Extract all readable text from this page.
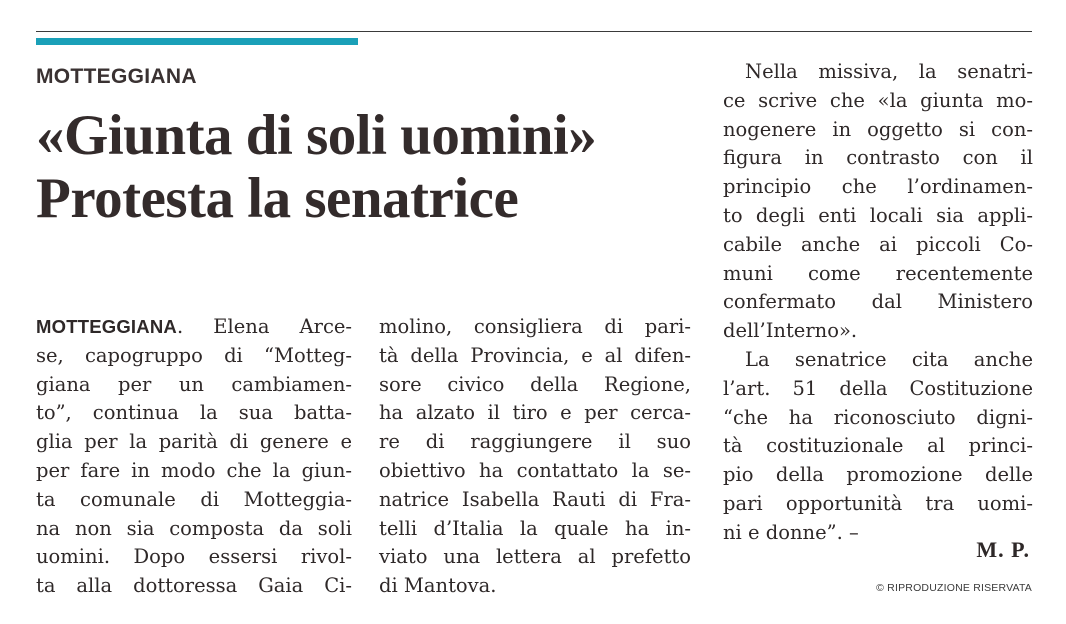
MOTTEGGIANA
«Giunta di soli uomini»
Protesta la senatrice
MOTTEGGIANA. Elena Arce-
se, capogruppo di “Motteg-
giana per un cambiamen-
to”, continua la sua batta-
glia per la parità di genere e
per fare in modo che la giun-
ta comunale di Motteggia-
na non sia composta da soli
uomini. Dopo essersi rivol-
ta alla dottoressa Gaia Ci-
molino, consigliera di pari-
tà della Provincia, e al difen-
sore civico della Regione,
ha alzato il tiro e per cerca-
re di raggiungere il suo
obiettivo ha contattato la se-
natrice Isabella Rauti di Fra-
telli d’Italia la quale ha in-
viato una lettera al prefetto
di Mantova.
Nella missiva, la senatri-
ce scrive che «la giunta mo-
nogenere in oggetto si con-
figura in contrasto con il
principio che l’ordinamen-
to degli enti locali sia appli-
cabile anche ai piccoli Co-
muni come recentemente
confermato dal Ministero
dell’Interno».
La senatrice cita anche
l’art. 51 della Costituzione
“che ha riconosciuto digni-
tà costituzionale al princi-
pio della promozione delle
pari opportunità tra uomi-
ni e donne”. –
M. P.
© RIPRODUZIONE RISERVATA
